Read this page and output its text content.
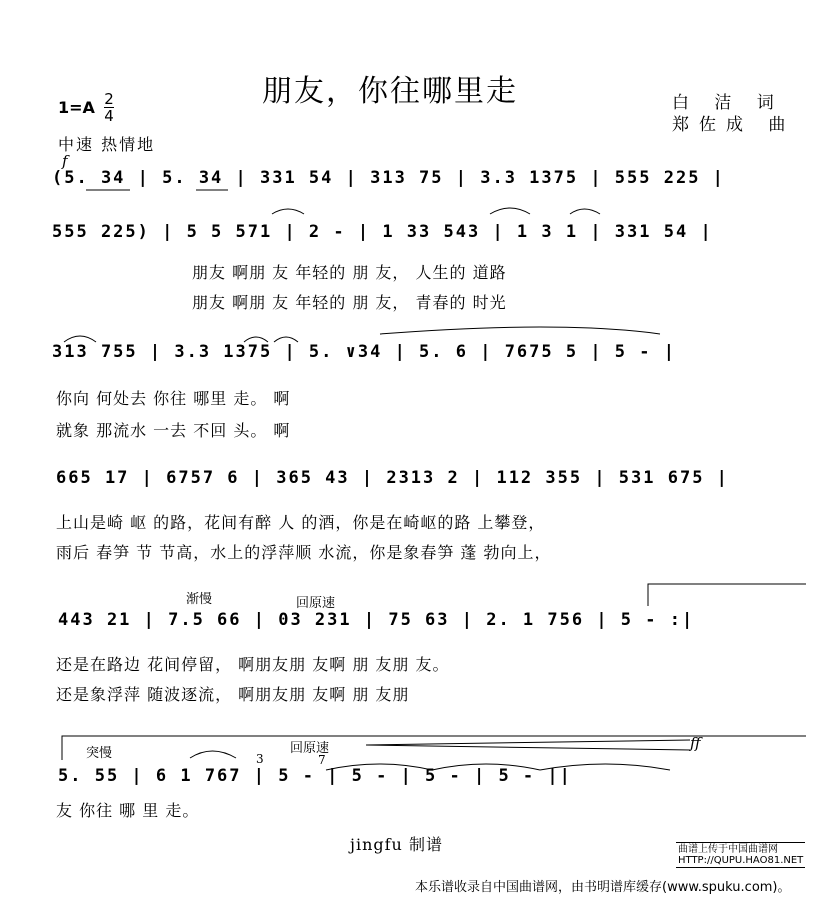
朋友，你往哪里走	白 洁 词
郑佐成 曲
1=A 2
4
中速 热情地
f
(5. 34 | 5. 34 | 331 54 | 313 75 | 3.3 1375 | 555 225 |
555 225) | 5 5 571 | 2 - | 1 33 543 | 1 3 1 | 331 54 |
朋友 啊朋 友 年轻的 朋 友， 人生的 道路
朋友 啊朋 友 年轻的 朋 友， 青春的 时光
313 755 | 3.3 1375 | 5. ∨34 | 5. 6 | 7675 5 | 5 - |
你向 何处去 你往 哪里 走。 啊
就象 那流水 一去 不回 头。 啊
665 17 | 6757 6 | 365 43 | 2313 2 | 112 355 | 531 675 |
上山是崎 岖 的路，花间有醉 人 的酒，你是在崎岖的路 上攀登，
雨后 春笋 节 节高，水上的浮萍顺 水流，你是象春笋 蓬 勃向上，
渐慢	回原速
443 21 | 7.5 66 | 03 231 | 75 63 | 2. 1 756 | 5 - :|
还是在路边 花间停留， 啊朋友朋 友啊 朋 友朋 友。
还是象浮萍 随波逐流， 啊朋友朋 友啊 朋 友朋
突慢	回原速	ff
3	7
5. 55 | 6 1 767 | 5 - | 5 - | 5 - | 5 - ||
友 你往 哪 里 走。
jingfu 制谱	曲谱上传于中国曲谱网
HTTP://QUPU.HAO81.NET
本乐谱收录自中国曲谱网，由书明谱库缓存(www.spuku.com)。
